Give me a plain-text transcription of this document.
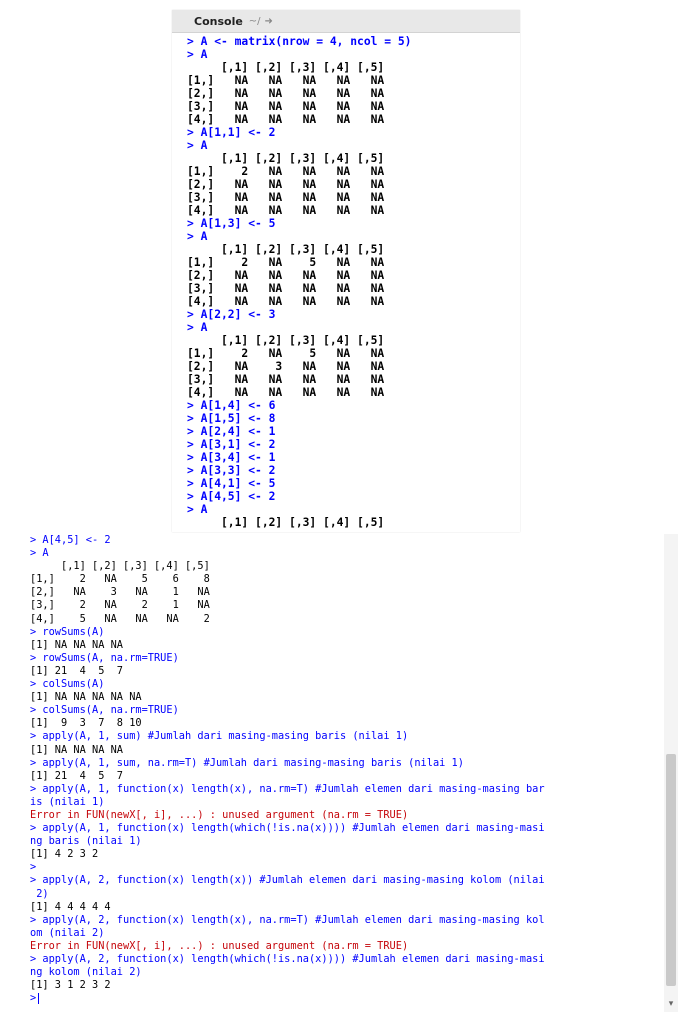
Console ~/ ➜
> A <- matrix(nrow = 4, ncol = 5)
> A
[,1] [,2] [,3] [,4] [,5]
[1,]   NA   NA   NA   NA   NA
[2,]   NA   NA   NA   NA   NA
[3,]   NA   NA   NA   NA   NA
[4,]   NA   NA   NA   NA   NA
> A[1,1] <- 2
> A
[,1] [,2] [,3] [,4] [,5]
[1,]    2   NA   NA   NA   NA
[2,]   NA   NA   NA   NA   NA
[3,]   NA   NA   NA   NA   NA
[4,]   NA   NA   NA   NA   NA
> A[1,3] <- 5
> A
[,1] [,2] [,3] [,4] [,5]
[1,]    2   NA    5   NA   NA
[2,]   NA   NA   NA   NA   NA
[3,]   NA   NA   NA   NA   NA
[4,]   NA   NA   NA   NA   NA
> A[2,2] <- 3
> A
[,1] [,2] [,3] [,4] [,5]
[1,]    2   NA    5   NA   NA
[2,]   NA    3   NA   NA   NA
[3,]   NA   NA   NA   NA   NA
[4,]   NA   NA   NA   NA   NA
> A[1,4] <- 6
> A[1,5] <- 8
> A[2,4] <- 1
> A[3,1] <- 2
> A[3,4] <- 1
> A[3,3] <- 2
> A[4,1] <- 5
> A[4,5] <- 2
> A
[,1] [,2] [,3] [,4] [,5]
> A[4,5] <- 2
> A
[,1] [,2] [,3] [,4] [,5]
[1,]    2   NA    5    6    8
[2,]   NA    3   NA    1   NA
[3,]    2   NA    2    1   NA
[4,]    5   NA   NA   NA    2
> rowSums(A)
[1] NA NA NA NA
> rowSums(A, na.rm=TRUE)
[1] 21  4  5  7
> colSums(A)
[1] NA NA NA NA NA
> colSums(A, na.rm=TRUE)
[1]  9  3  7  8 10
> apply(A, 1, sum) #Jumlah dari masing-masing baris (nilai 1)
[1] NA NA NA NA
> apply(A, 1, sum, na.rm=T) #Jumlah dari masing-masing baris (nilai 1)
[1] 21  4  5  7
> apply(A, 1, function(x) length(x), na.rm=T) #Jumlah elemen dari masing-masing bar
is (nilai 1)
Error in FUN(newX[, i], ...) : unused argument (na.rm = TRUE)
> apply(A, 1, function(x) length(which(!is.na(x)))) #Jumlah elemen dari masing-masi
ng baris (nilai 1)
[1] 4 2 3 2
>
> apply(A, 2, function(x) length(x)) #Jumlah elemen dari masing-masing kolom (nilai
2)
[1] 4 4 4 4 4
> apply(A, 2, function(x) length(x), na.rm=T) #Jumlah elemen dari masing-masing kol
om (nilai 2)
Error in FUN(newX[, i], ...) : unused argument (na.rm = TRUE)
> apply(A, 2, function(x) length(which(!is.na(x)))) #Jumlah elemen dari masing-masi
ng kolom (nilai 2)
[1] 3 1 2 3 2
>	▾
